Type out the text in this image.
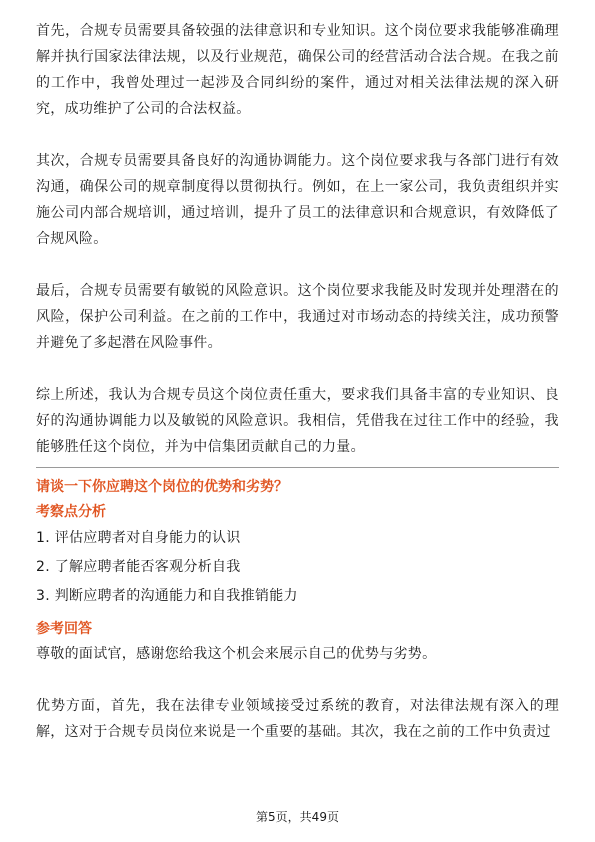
首先，合规专员需要具备较强的法律意识和专业知识。这个岗位要求我能够准确理解并执行国家法律法规，以及行业规范，确保公司的经营活动合法合规。在我之前的工作中，我曾处理过一起涉及合同纠纷的案件，通过对相关法律法规的深入研究，成功维护了公司的合法权益。

其次，合规专员需要具备良好的沟通协调能力。这个岗位要求我与各部门进行有效沟通，确保公司的规章制度得以贯彻执行。例如，在上一家公司，我负责组织并实施公司内部合规培训，通过培训，提升了员工的法律意识和合规意识，有效降低了合规风险。

最后，合规专员需要有敏锐的风险意识。这个岗位要求我能及时发现并处理潜在的风险，保护公司利益。在之前的工作中，我通过对市场动态的持续关注，成功预警并避免了多起潜在风险事件。

综上所述，我认为合规专员这个岗位责任重大，要求我们具备丰富的专业知识、良好的沟通协调能力以及敏锐的风险意识。我相信，凭借我在过往工作中的经验，我能够胜任这个岗位，并为中信集团贡献自己的力量。

请谈一下你应聘这个岗位的优势和劣势？

考察点分析

1. 评估应聘者对自身能力的认识
2. 了解应聘者能否客观分析自我
3. 判断应聘者的沟通能力和自我推销能力

参考回答

尊敬的面试官，感谢您给我这个机会来展示自己的优势与劣势。

优势方面，首先，我在法律专业领域接受过系统的教育，对法律法规有深入的理解，这对于合规专员岗位来说是一个重要的基础。其次，我在之前的工作中负责过

第5页，共49页
